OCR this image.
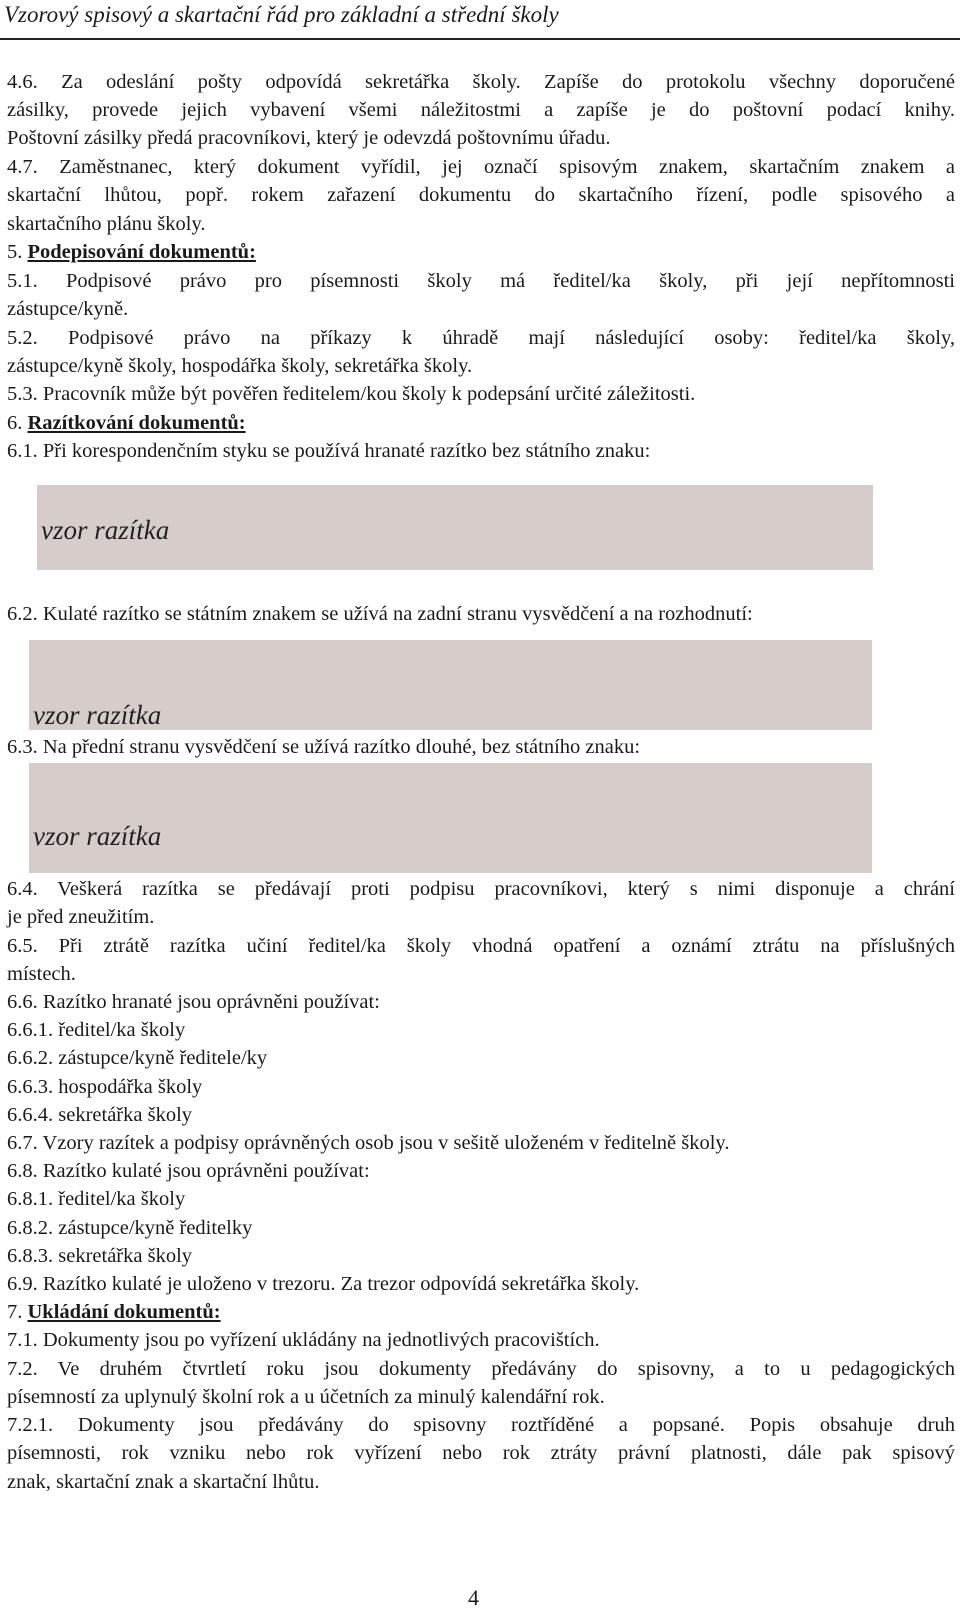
Vzorový spisový a skartační řád pro základní a střední školy

4.6. Za odeslání pošty odpovídá sekretářka školy. Zapíše do protokolu všechny doporučené

zásilky, provede jejich vybavení všemi náležitostmi a zapíše je do poštovní podací knihy.

Poštovní zásilky předá pracovníkovi, který je odevzdá poštovnímu úřadu.

4.7. Zaměstnanec, který dokument vyřídil, jej označí spisovým znakem, skartačním znakem a

skartační lhůtou, popř. rokem zařazení dokumentu do skartačního řízení, podle spisového a

skartačního plánu školy.

5. Podepisování dokumentů:

5.1. Podpisové právo pro písemnosti školy má ředitel/ka školy, při její nepřítomnosti

zástupce/kyně.

5.2. Podpisové právo na příkazy k úhradě mají následující osoby: ředitel/ka školy,

zástupce/kyně školy, hospodářka školy, sekretářka školy.

5.3. Pracovník může být pověřen ředitelem/kou školy k podepsání určité záležitosti.

6. Razítkování dokumentů:

6.1. Při korespondenčním styku se používá hranaté razítko bez státního znaku:

vzor razítka

6.2. Kulaté razítko se státním znakem se užívá na zadní stranu vysvědčení a na rozhodnutí:

vzor razítka

6.3. Na přední stranu vysvědčení se užívá razítko dlouhé, bez státního znaku:

vzor razítka

6.4. Veškerá razítka se předávají proti podpisu pracovníkovi, který s nimi disponuje a chrání

je před zneužitím.

6.5. Při ztrátě razítka učiní ředitel/ka školy vhodná opatření a oznámí ztrátu na příslušných

místech.

6.6. Razítko hranaté jsou oprávněni používat:

6.6.1. ředitel/ka školy

6.6.2. zástupce/kyně ředitele/ky

6.6.3. hospodářka školy

6.6.4. sekretářka školy

6.7. Vzory razítek a podpisy oprávněných osob jsou v sešitě uloženém v ředitelně školy.

6.8. Razítko kulaté jsou oprávněni používat:

6.8.1. ředitel/ka školy

6.8.2. zástupce/kyně ředitelky

6.8.3. sekretářka školy

6.9. Razítko kulaté je uloženo v trezoru. Za trezor odpovídá sekretářka školy.

7. Ukládání dokumentů:

7.1. Dokumenty jsou po vyřízení ukládány na jednotlivých pracovištích.

7.2. Ve druhém čtvrtletí roku jsou dokumenty předávány do spisovny, a to u pedagogických

písemností za uplynulý školní rok a u účetních za minulý kalendářní rok.

7.2.1. Dokumenty jsou předávány do spisovny roztříděné a popsané. Popis obsahuje druh

písemnosti, rok vzniku nebo rok vyřízení nebo rok ztráty právní platnosti, dále pak spisový

znak, skartační znak a skartační lhůtu.

4
